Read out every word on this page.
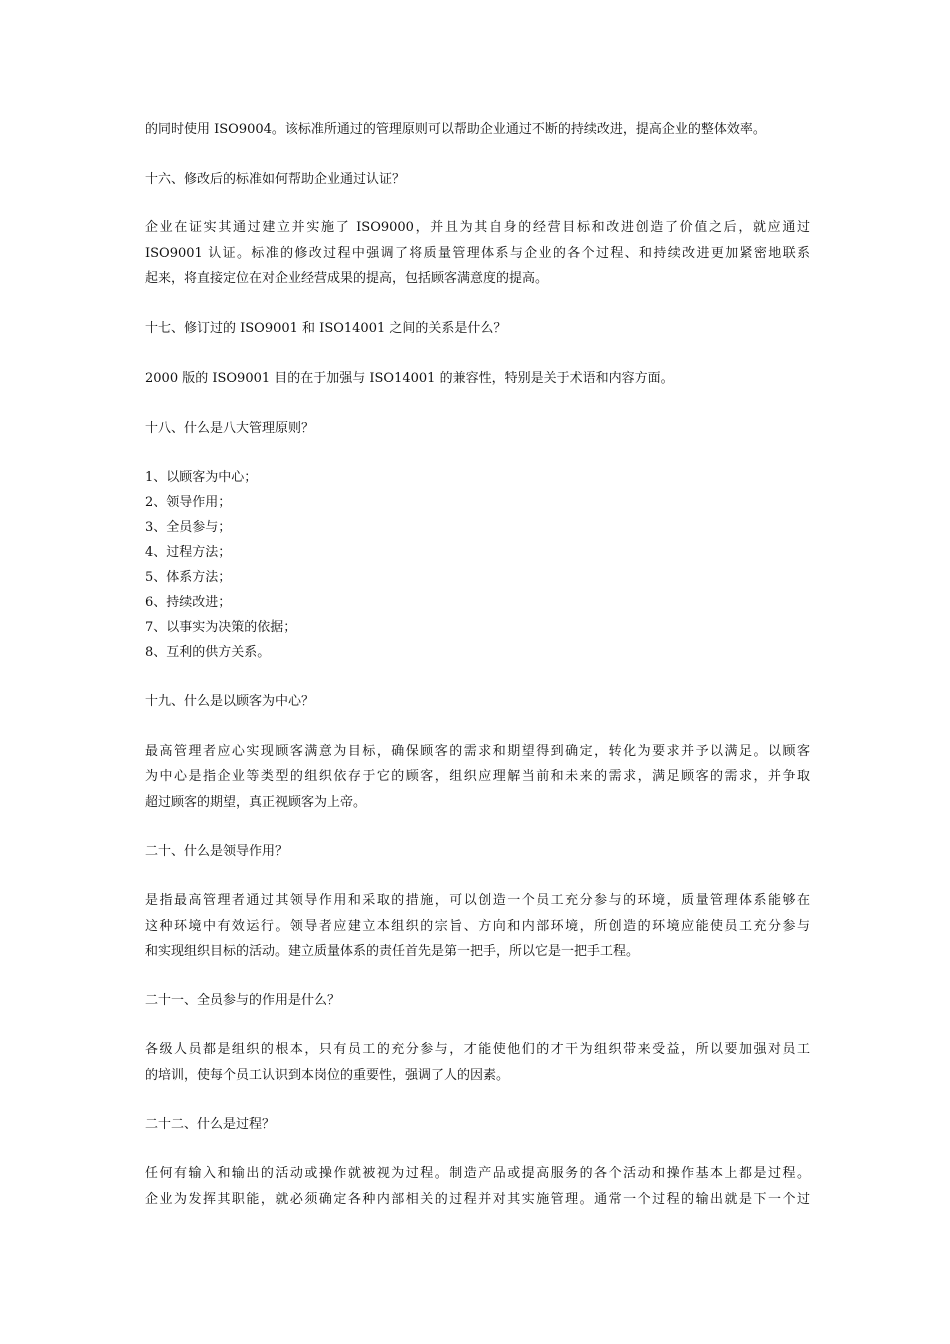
的同时使用 ISO9004。该标准所通过的管理原则可以帮助企业通过不断的持续改进，提高企业的整体效率。
十六、修改后的标准如何帮助企业通过认证？
企业在证实其通过建立并实施了 ISO9000，并且为其自身的经营目标和改进创造了价值之后，就应通过
ISO9001 认证。标准的修改过程中强调了将质量管理体系与企业的各个过程、和持续改进更加紧密地联系
起来，将直接定位在对企业经营成果的提高，包括顾客满意度的提高。
十七、修订过的 ISO9001 和 ISO14001 之间的关系是什么？
2000 版的 ISO9001 目的在于加强与 ISO14001 的兼容性，特别是关于术语和内容方面。
十八、什么是八大管理原则？
1、以顾客为中心；
2、领导作用；
3、全员参与；
4、过程方法；
5、体系方法；
6、持续改进；
7、以事实为决策的依据；
8、互利的供方关系。
十九、什么是以顾客为中心？
最高管理者应心实现顾客满意为目标，确保顾客的需求和期望得到确定，转化为要求并予以满足。以顾客
为中心是指企业等类型的组织依存于它的顾客，组织应理解当前和未来的需求，满足顾客的需求，并争取
超过顾客的期望，真正视顾客为上帝。
二十、什么是领导作用？
是指最高管理者通过其领导作用和采取的措施，可以创造一个员工充分参与的环境，质量管理体系能够在
这种环境中有效运行。领导者应建立本组织的宗旨、方向和内部环境，所创造的环境应能使员工充分参与
和实现组织目标的活动。建立质量体系的责任首先是第一把手，所以它是一把手工程。
二十一、全员参与的作用是什么？
各级人员都是组织的根本，只有员工的充分参与，才能使他们的才干为组织带来受益，所以要加强对员工
的培训，使每个员工认识到本岗位的重要性，强调了人的因素。
二十二、什么是过程？
任何有输入和输出的活动或操作就被视为过程。制造产品或提高服务的各个活动和操作基本上都是过程。
企业为发挥其职能，就必须确定各种内部相关的过程并对其实施管理。通常一个过程的输出就是下一个过
